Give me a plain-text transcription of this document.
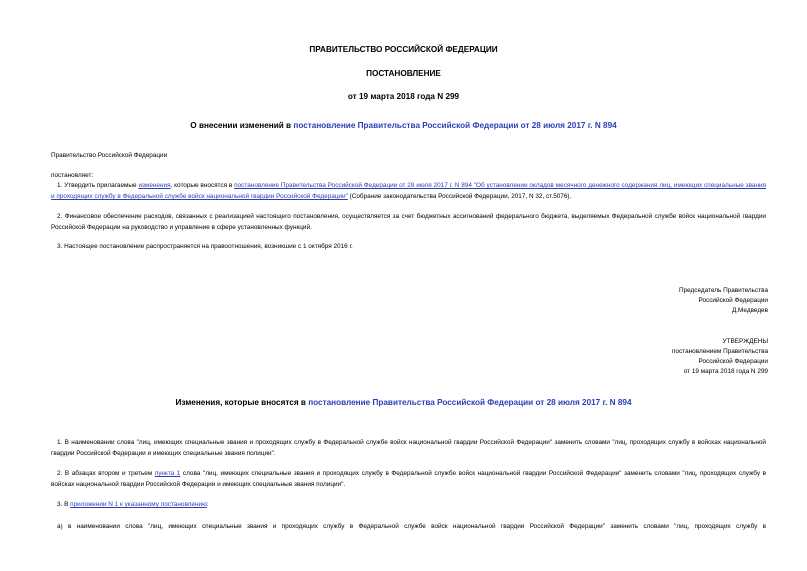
ПРАВИТЕЛЬСТВО РОССИЙСКОЙ ФЕДЕРАЦИИ
ПОСТАНОВЛЕНИЕ
от 19 марта 2018 года N 299
О внесении изменений в постановление Правительства Российской Федерации от 28 июля 2017 г. N 894
Правительство Российской Федерации
постановляет:
1. Утвердить прилагаемые изменения, которые вносятся в постановление Правительства Российской Федерации от 28 июля 2017 г. N 894 "Об установлении окладов месячного денежного содержания лиц, имеющих специальные звания и проходящих службу в Федеральной службе войск национальной гвардии Российской Федерации" (Собрание законодательства Российской Федерации, 2017, N 32, ст.5076).
2. Финансовое обеспечение расходов, связанных с реализацией настоящего постановления, осуществляется за счет бюджетных ассигнований федерального бюджета, выделяемых Федеральной службе войск национальной гвардии Российской Федерации на руководство и управление в сфере установленных функций.
3. Настоящее постановление распространяется на правоотношения, возникшие с 1 октября 2016 г.
Председатель Правительства
Российской Федерации
Д.Медведев
УТВЕРЖДЕНЫ
постановлением Правительства
Российской Федерации
от 19 марта 2018 года N 299
Изменения, которые вносятся в постановление Правительства Российской Федерации от 28 июля 2017 г. N 894
1. В наименовании слова "лиц, имеющих специальные звания и проходящих службу в Федеральной службе войск национальной гвардии Российской Федерации" заменить словами "лиц, проходящих службу в войсках национальной гвардии Российской Федерации и имеющих специальные звания полиции".
2. В абзацах втором и третьем пункта 1 слова "лиц, имеющих специальные звания и проходящих службу в Федеральной службе войск национальной гвардии Российской Федерации" заменить словами "лиц, проходящих службу в войсках национальной гвардии Российской Федерации и имеющих специальные звания полиции".
3. В приложении N 1 к указанному постановлению:
а) в наименовании слова "лиц, имеющих специальные звания и проходящих службу в Федеральной службе войск национальной гвардии Российской Федерации" заменить словами "лиц, проходящих службу в
